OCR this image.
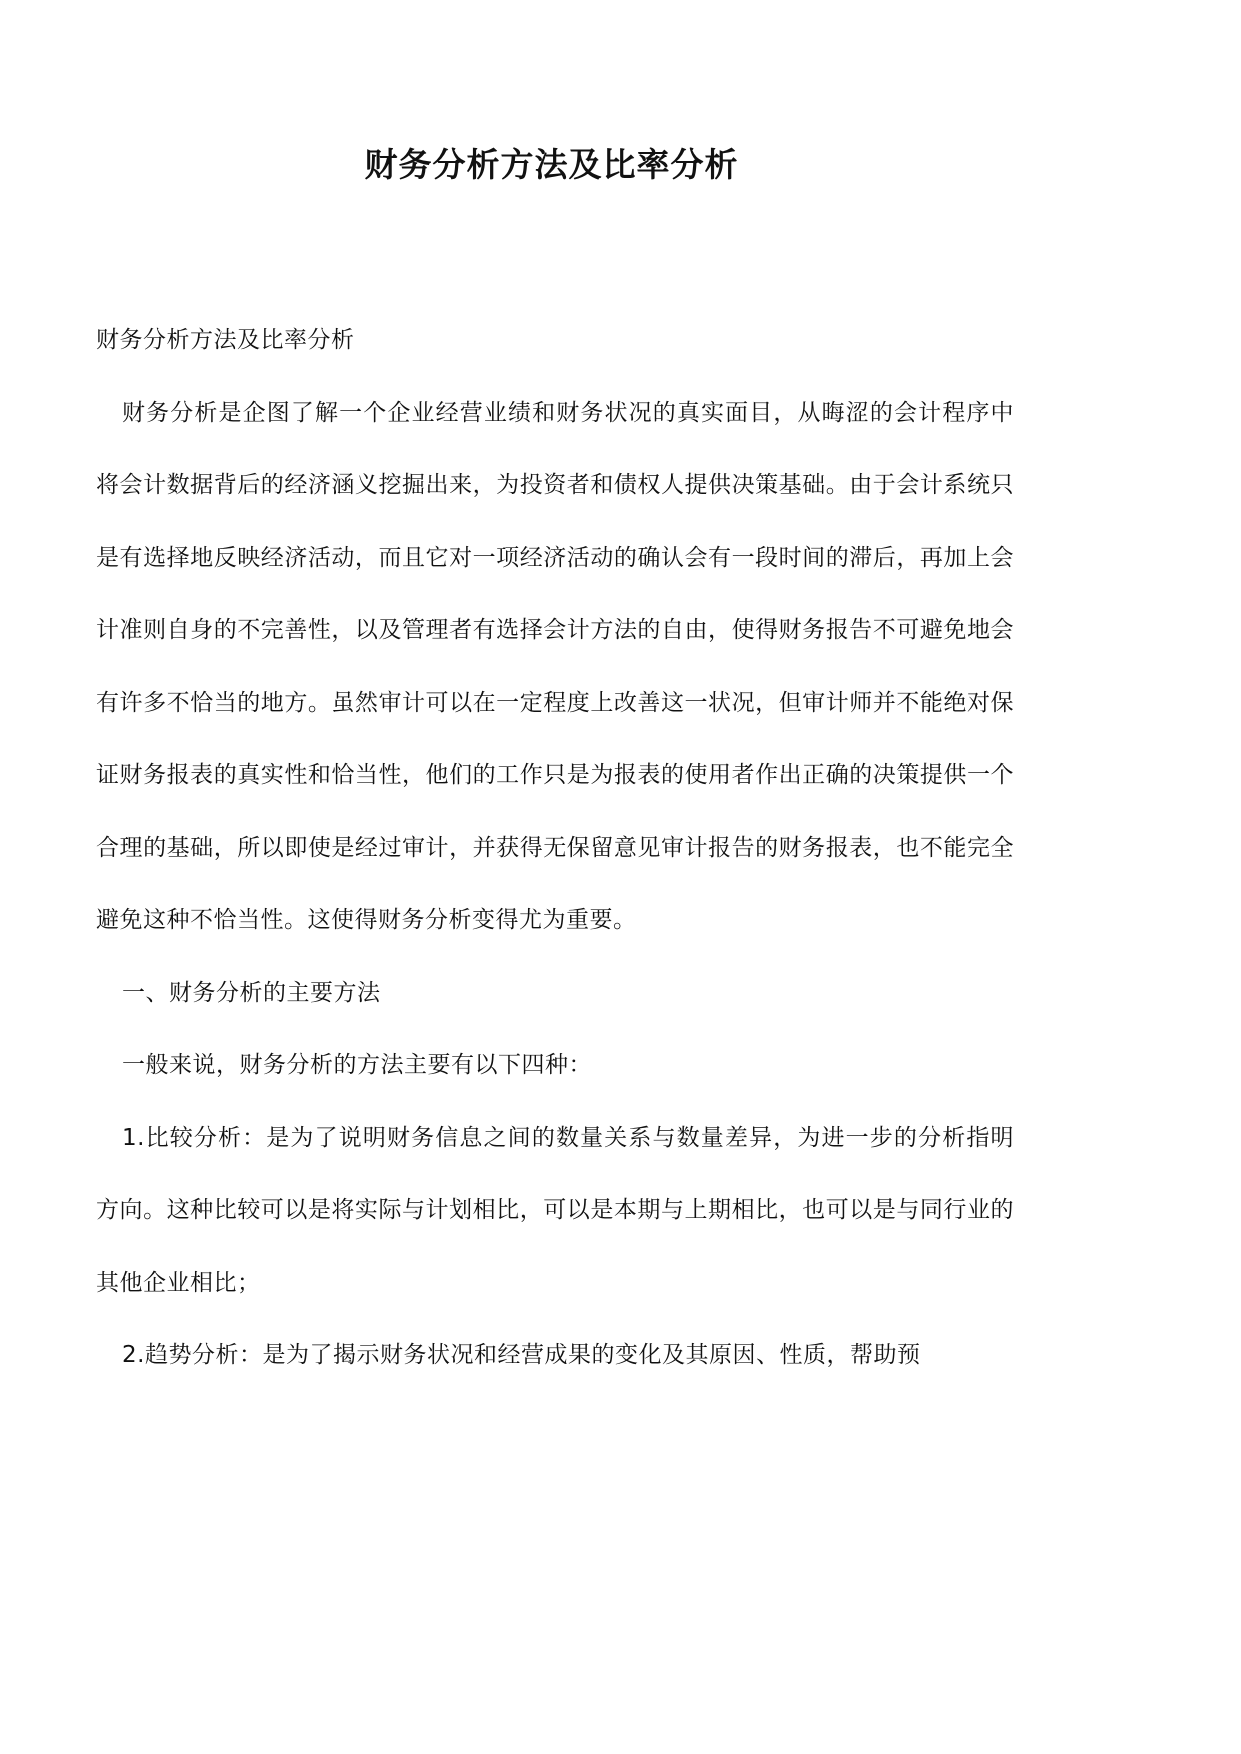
财务分析方法及比率分析

财务分析方法及比率分析

财务分析是企图了解一个企业经营业绩和财务状况的真实面目，从晦涩的会计程序中将会计数据背后的经济涵义挖掘出来，为投资者和债权人提供决策基础。由于会计系统只是有选择地反映经济活动，而且它对一项经济活动的确认会有一段时间的滞后，再加上会计准则自身的不完善性，以及管理者有选择会计方法的自由，使得财务报告不可避免地会有许多不恰当的地方。虽然审计可以在一定程度上改善这一状况，但审计师并不能绝对保证财务报表的真实性和恰当性，他们的工作只是为报表的使用者作出正确的决策提供一个合理的基础，所以即使是经过审计，并获得无保留意见审计报告的财务报表，也不能完全避免这种不恰当性。这使得财务分析变得尤为重要。

一、财务分析的主要方法

一般来说，财务分析的方法主要有以下四种：

1.比较分析：是为了说明财务信息之间的数量关系与数量差异，为进一步的分析指明方向。这种比较可以是将实际与计划相比，可以是本期与上期相比，也可以是与同行业的其他企业相比；

2.趋势分析：是为了揭示财务状况和经营成果的变化及其原因、性质，帮助预
